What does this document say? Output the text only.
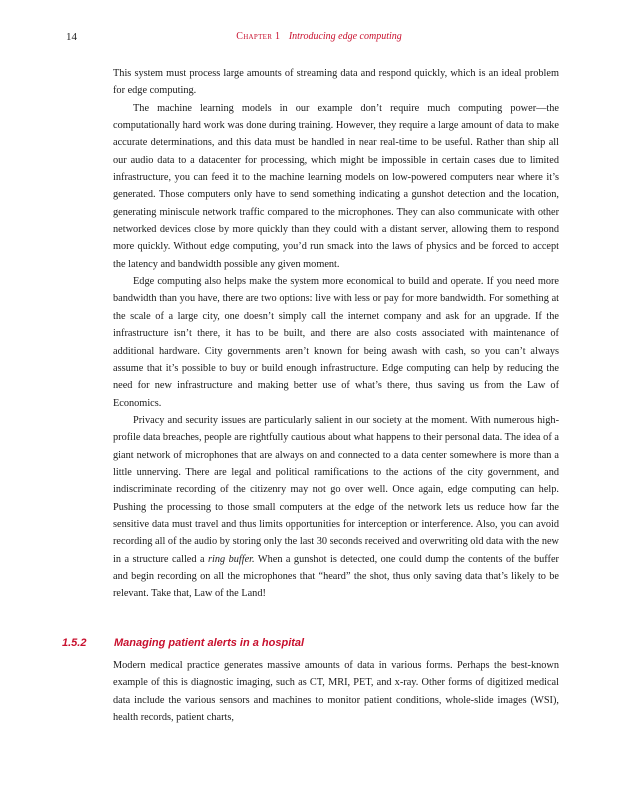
14	Chapter 1 Introducing edge computing

This system must process large amounts of streaming data and respond quickly, which is an ideal problem for edge computing.

The machine learning models in our example don’t require much computing power—the computationally hard work was done during training. However, they require a large amount of data to make accurate determinations, and this data must be handled in near real-time to be useful. Rather than ship all our audio data to a datacenter for processing, which might be impossible in certain cases due to limited infrastructure, you can feed it to the machine learning models on low-powered computers near where it’s generated. Those computers only have to send something indicating a gunshot detection and the location, generating miniscule network traffic compared to the microphones. They can also communicate with other networked devices close by more quickly than they could with a distant server, allowing them to respond more quickly. Without edge computing, you’d run smack into the laws of physics and be forced to accept the latency and bandwidth possible any given moment.

Edge computing also helps make the system more economical to build and operate. If you need more bandwidth than you have, there are two options: live with less or pay for more bandwidth. For something at the scale of a large city, one doesn’t simply call the internet company and ask for an upgrade. If the infrastructure isn’t there, it has to be built, and there are also costs associated with maintenance of additional hardware. City governments aren’t known for being awash with cash, so you can’t always assume that it’s possible to buy or build enough infrastructure. Edge computing can help by reducing the need for new infrastructure and making better use of what’s there, thus saving us from the Law of Economics.

Privacy and security issues are particularly salient in our society at the moment. With numerous high-profile data breaches, people are rightfully cautious about what happens to their personal data. The idea of a giant network of microphones that are always on and connected to a data center somewhere is more than a little unnerving. There are legal and political ramifications to the actions of the city government, and indiscriminate recording of the citizenry may not go over well. Once again, edge computing can help. Pushing the processing to those small computers at the edge of the network lets us reduce how far the sensitive data must travel and thus limits opportunities for interception or interference. Also, you can avoid recording all of the audio by storing only the last 30 seconds received and overwriting old data with the new in a structure called a ring buffer. When a gunshot is detected, one could dump the contents of the buffer and begin recording on all the microphones that “heard” the shot, thus only saving data that’s likely to be relevant. Take that, Law of the Land!

1.5.2	Managing patient alerts in a hospital

Modern medical practice generates massive amounts of data in various forms. Perhaps the best-known example of this is diagnostic imaging, such as CT, MRI, PET, and x-ray. Other forms of digitized medical data include the various sensors and machines to monitor patient conditions, whole-slide images (WSI), health records, patient charts,
